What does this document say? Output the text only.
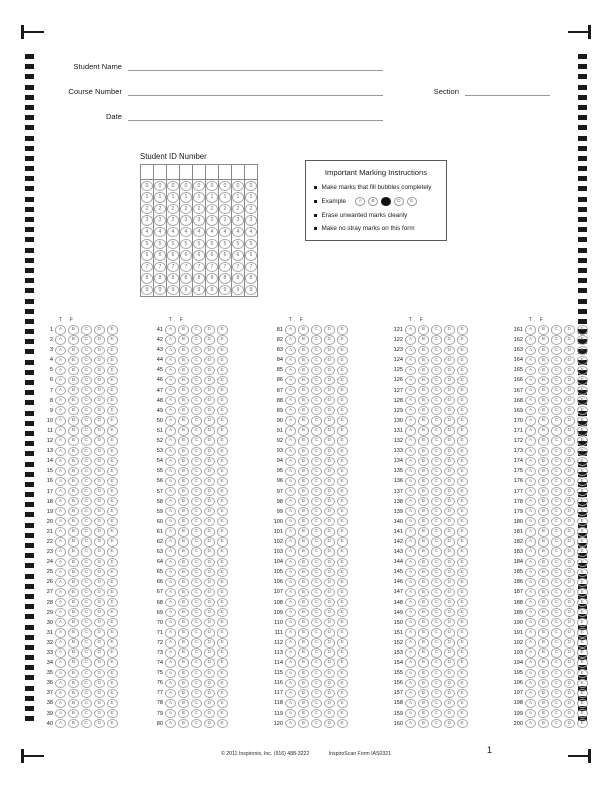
Student Name
Course Number
Date
Section
Student ID Number
0
1
2
3
4
5
6
7
8
9
0
1
2
3
4
5
6
7
8
9
0
1
2
3
4
5
6
7
8
9
0
1
2
3
4
5
6
7
8
9
0
1
2
3
4
5
6
7
8
9
0
1
2
3
4
5
6
7
8
9
0
1
2
3
4
5
6
7
8
9
0
1
2
3
4
5
6
7
8
9
0
1
2
3
4
5
6
7
8
9
Important Marking Instructions
Make marks that fill bubbles completely
Example	A	B	D	E
Erase unwanted marks cleanly
Make no stray marks on this form
T	F
1	A	B	C	D	E
2	A	B	C	D	E
3	A	B	C	D	E
4	A	B	C	D	E
5	A	B	C	D	E
6	A	B	C	D	E
7	A	B	C	D	E
8	A	B	C	D	E
9	A	B	C	D	E
10	A	B	C	D	E
11	A	B	C	D	E
12	A	B	C	D	E
13	A	B	C	D	E
14	A	B	C	D	E
15	A	B	C	D	E
16	A	B	C	D	E
17	A	B	C	D	E
18	A	B	C	D	E
19	A	B	C	D	E
20	A	B	C	D	E
21	A	B	C	D	E
22	A	B	C	D	E
23	A	B	C	D	E
24	A	B	C	D	E
25	A	B	C	D	E
26	A	B	C	D	E
27	A	B	C	D	E
28	A	B	C	D	E
29	A	B	C	D	E
30	A	B	C	D	E
31	A	B	C	D	E
32	A	B	C	D	E
33	A	B	C	D	E
34	A	B	C	D	E
35	A	B	C	D	E
36	A	B	C	D	E
37	A	B	C	D	E
38	A	B	C	D	E
39	A	B	C	D	E
40	A	B	C	D	E
T	F
41	A	B	C	D	E
42	A	B	C	D	E
43	A	B	C	D	E
44	A	B	C	D	E
45	A	B	C	D	E
46	A	B	C	D	E
47	A	B	C	D	E
48	A	B	C	D	E
49	A	B	C	D	E
50	A	B	C	D	E
51	A	B	C	D	E
52	A	B	C	D	E
53	A	B	C	D	E
54	A	B	C	D	E
55	A	B	C	D	E
56	A	B	C	D	E
57	A	B	C	D	E
58	A	B	C	D	E
59	A	B	C	D	E
60	A	B	C	D	E
61	A	B	C	D	E
62	A	B	C	D	E
63	A	B	C	D	E
64	A	B	C	D	E
65	A	B	C	D	E
66	A	B	C	D	E
67	A	B	C	D	E
68	A	B	C	D	E
69	A	B	C	D	E
70	A	B	C	D	E
71	A	B	C	D	E
72	A	B	C	D	E
73	A	B	C	D	E
74	A	B	C	D	E
75	A	B	C	D	E
76	A	B	C	D	E
77	A	B	C	D	E
78	A	B	C	D	E
79	A	B	C	D	E
80	A	B	C	D	E
T	F
81	A	B	C	D	E
82	A	B	C	D	E
83	A	B	C	D	E
84	A	B	C	D	E
85	A	B	C	D	E
86	A	B	C	D	E
87	A	B	C	D	E
88	A	B	C	D	E
89	A	B	C	D	E
90	A	B	C	D	E
91	A	B	C	D	E
92	A	B	C	D	E
93	A	B	C	D	E
94	A	B	C	D	E
95	A	B	C	D	E
96	A	B	C	D	E
97	A	B	C	D	E
98	A	B	C	D	E
99	A	B	C	D	E
100	A	B	C	D	E
101	A	B	C	D	E
102	A	B	C	D	E
103	A	B	C	D	E
104	A	B	C	D	E
105	A	B	C	D	E
106	A	B	C	D	E
107	A	B	C	D	E
108	A	B	C	D	E
109	A	B	C	D	E
110	A	B	C	D	E
111	A	B	C	D	E
112	A	B	C	D	E
113	A	B	C	D	E
114	A	B	C	D	E
115	A	B	C	D	E
116	A	B	C	D	E
117	A	B	C	D	E
118	A	B	C	D	E
119	A	B	C	D	E
120	A	B	C	D	E
T	F
121	A	B	C	D	E
122	A	B	C	D	E
123	A	B	C	D	E
124	A	B	C	D	E
125	A	B	C	D	E
126	A	B	C	D	E
127	A	B	C	D	E
128	A	B	C	D	E
129	A	B	C	D	E
130	A	B	C	D	E
131	A	B	C	D	E
132	A	B	C	D	E
133	A	B	C	D	E
134	A	B	C	D	E
135	A	B	C	D	E
136	A	B	C	D	E
137	A	B	C	D	E
138	A	B	C	D	E
139	A	B	C	D	E
140	A	B	C	D	E
141	A	B	C	D	E
142	A	B	C	D	E
143	A	B	C	D	E
144	A	B	C	D	E
145	A	B	C	D	E
146	A	B	C	D	E
147	A	B	C	D	E
148	A	B	C	D	E
149	A	B	C	D	E
150	A	B	C	D	E
151	A	B	C	D	E
152	A	B	C	D	E
153	A	B	C	D	E
154	A	B	C	D	E
155	A	B	C	D	E
156	A	B	C	D	E
157	A	B	C	D	E
158	A	B	C	D	E
159	A	B	C	D	E
160	A	B	C	D	E
T	F
161	A	B	C	D	E
162	A	B	C	D	E
163	A	B	C	D	E
164	A	B	C	D	E
165	A	B	C	D	E
166	A	B	C	D	E
167	A	B	C	D	E
168	A	B	C	D	E
169	A	B	C	D	E
170	A	B	C	D	E
171	A	B	C	D	E
172	A	B	C	D	E
173	A	B	C	D	E
174	A	B	C	D	E
175	A	B	C	D	E
176	A	B	C	D	E
177	A	B	C	D	E
178	A	B	C	D	E
179	A	B	C	D	E
180	A	B	C	D	E
181	A	B	C	D	E
182	A	B	C	D	E
183	A	B	C	D	E
184	A	B	C	D	E
185	A	B	C	D	E
186	A	B	C	D	E
187	A	B	C	D	E
188	A	B	C	D	E
189	A	B	C	D	E
190	A	B	C	D	E
191	A	B	C	D	E
192	A	B	C	D	E
193	A	B	C	D	E
194	A	B	C	D	E
195	A	B	C	D	E
196	A	B	C	D	E
197	A	B	C	D	E
198	A	B	C	D	E
199	A	B	C	D	E
200	A	B	C	D	E
© 2011 Inspironix, Inc. (916) 488-3222	InspiroScan Form IAS0321	1
